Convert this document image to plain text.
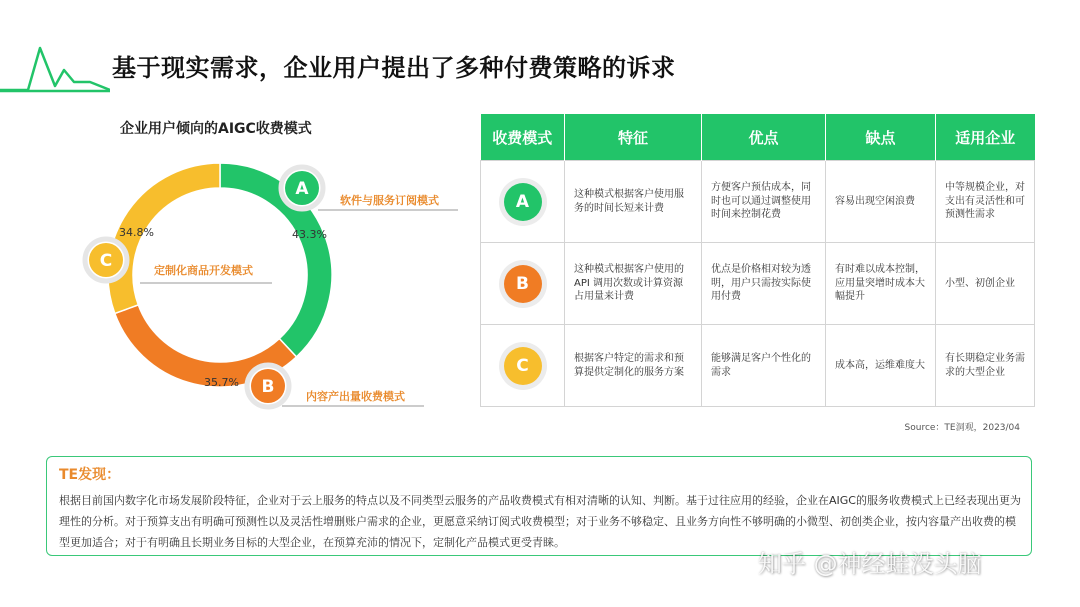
基于现实需求，企业用户提出了多种付费策略的诉求
企业用户倾向的AIGC收费模式
A
软件与服务订阅模式
43.3%
B	内容产出量收费模式
35.7%
C	定制化商品开发模式
34.8%
收费模式	特征	优点	缺点	适用企业
A	这种模式根据客户使用服务的时间长短来计费	方便客户预估成本，同时也可以通过调整使用时间来控制花费	容易出现空闲浪费	中等规模企业，对支出有灵活性和可预测性需求
B	这种模式根据客户使用的API 调用次数或计算资源占用量来计费	优点是价格相对较为透明，用户只需按实际使用付费	有时难以成本控制，应用量突增时成本大幅提升	小型、初创企业
C	根据客户特定的需求和预算提供定制化的服务方案	能够满足客户个性化的需求	成本高，运维难度大	有长期稳定业务需求的大型企业
Source：TE洞观，2023/04
TE发现：
根据目前国内数字化市场发展阶段特征，企业对于云上服务的特点以及不同类型云服务的产品收费模式有相对清晰的认知、判断。基于过往应用的经验，企业在AIGC的服务收费模式上已经表现出更为理性的分析。对于预算支出有明确可预测性以及灵活性增删账户需求的企业，更愿意采纳订阅式收费模型；对于业务不够稳定、且业务方向性不够明确的小微型、初创类企业，按内容量产出收费的模型更加适合；对于有明确且长期业务目标的大型企业，在预算充沛的情况下，定制化产品模式更受青睐。
知乎 @神经蛙没头脑
